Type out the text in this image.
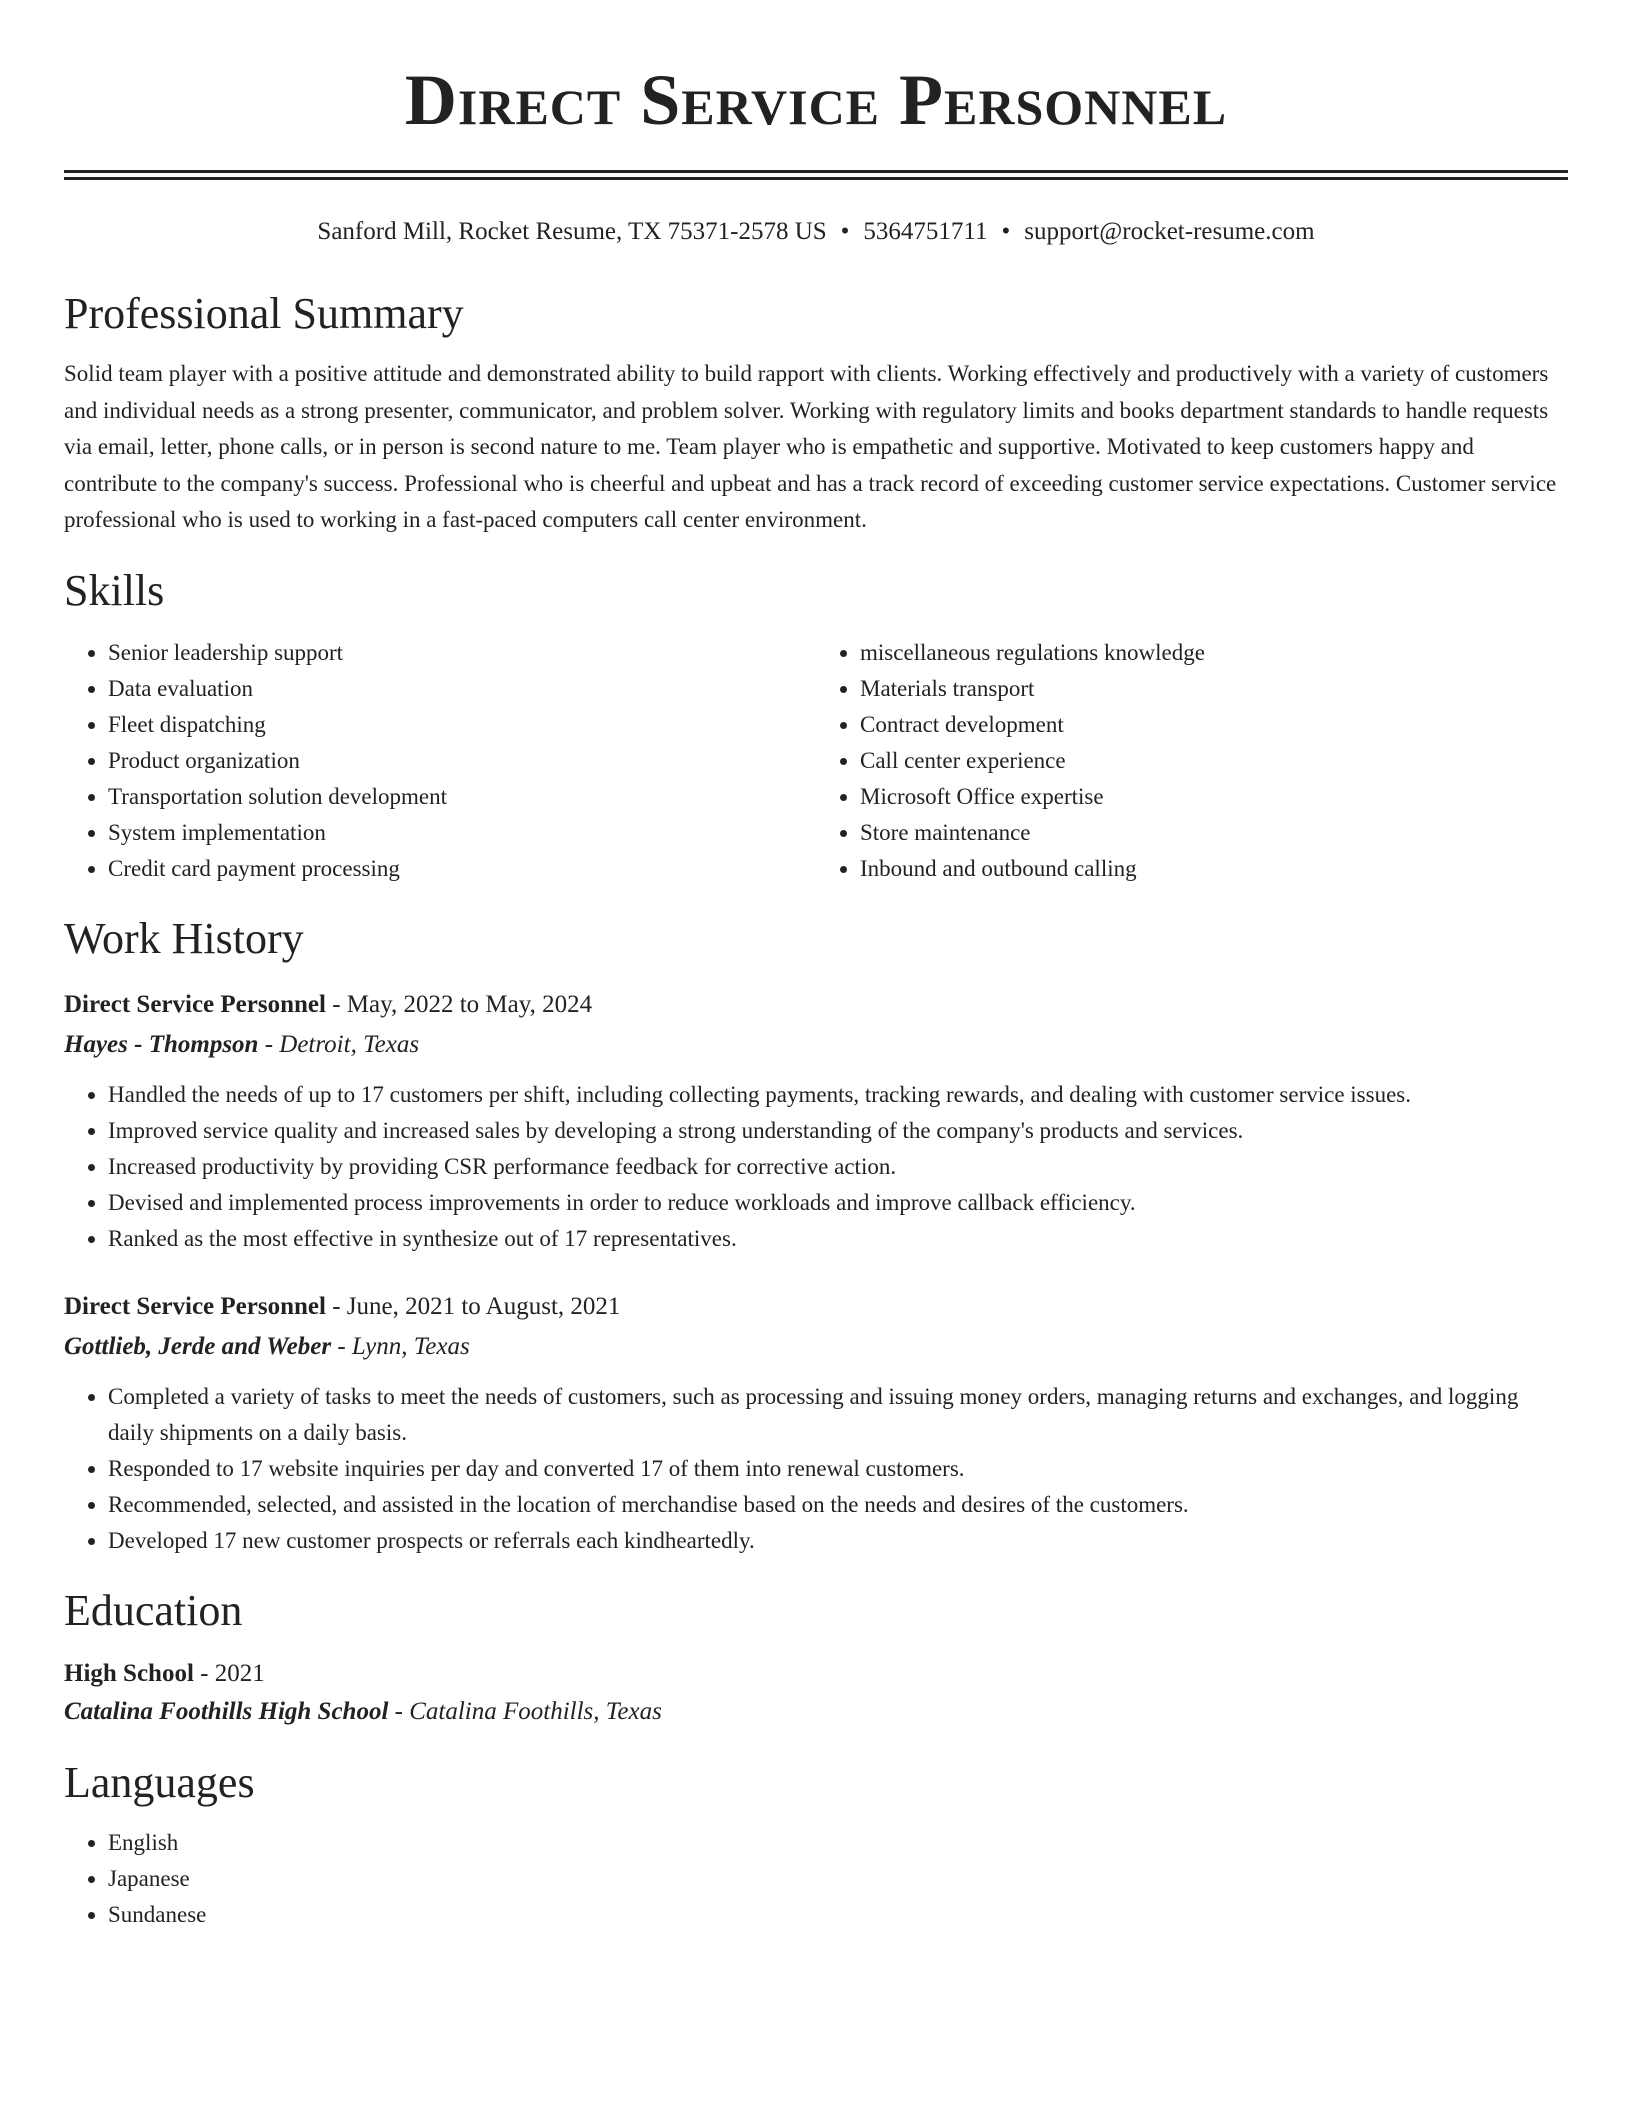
Direct Service Personnel
Sanford Mill, Rocket Resume, TX 75371-2578 US • 5364751711 • support@rocket-resume.com
Professional Summary

Solid team player with a positive attitude and demonstrated ability to build rapport with clients. Working effectively and productively with a variety of customers and individual needs as a strong presenter, communicator, and problem solver. Working with regulatory limits and books department standards to handle requests via email, letter, phone calls, or in person is second nature to me. Team player who is empathetic and supportive. Motivated to keep customers happy and contribute to the company's success. Professional who is cheerful and upbeat and has a track record of exceeding customer service expectations. Customer service professional who is used to working in a fast-paced computers call center environment.

Skills
• Senior leadership support
• Data evaluation
• Fleet dispatching
• Product organization
• Transportation solution development
• System implementation
• Credit card payment processing
• miscellaneous regulations knowledge
• Materials transport
• Contract development
• Call center experience
• Microsoft Office expertise
• Store maintenance
• Inbound and outbound calling
Work History
Direct Service Personnel - May, 2022 to May, 2024
Hayes - Thompson - Detroit, Texas
• Handled the needs of up to 17 customers per shift, including collecting payments, tracking rewards, and dealing with customer service issues.
• Improved service quality and increased sales by developing a strong understanding of the company's products and services.
• Increased productivity by providing CSR performance feedback for corrective action.
• Devised and implemented process improvements in order to reduce workloads and improve callback efficiency.
• Ranked as the most effective in synthesize out of 17 representatives.
Direct Service Personnel - June, 2021 to August, 2021
Gottlieb, Jerde and Weber - Lynn, Texas
• Completed a variety of tasks to meet the needs of customers, such as processing and issuing money orders, managing returns and exchanges, and logging daily shipments on a daily basis.
• Responded to 17 website inquiries per day and converted 17 of them into renewal customers.
• Recommended, selected, and assisted in the location of merchandise based on the needs and desires of the customers.
• Developed 17 new customer prospects or referrals each kindheartedly.
Education
High School - 2021
Catalina Foothills High School - Catalina Foothills, Texas
Languages
• English
• Japanese
• Sundanese
